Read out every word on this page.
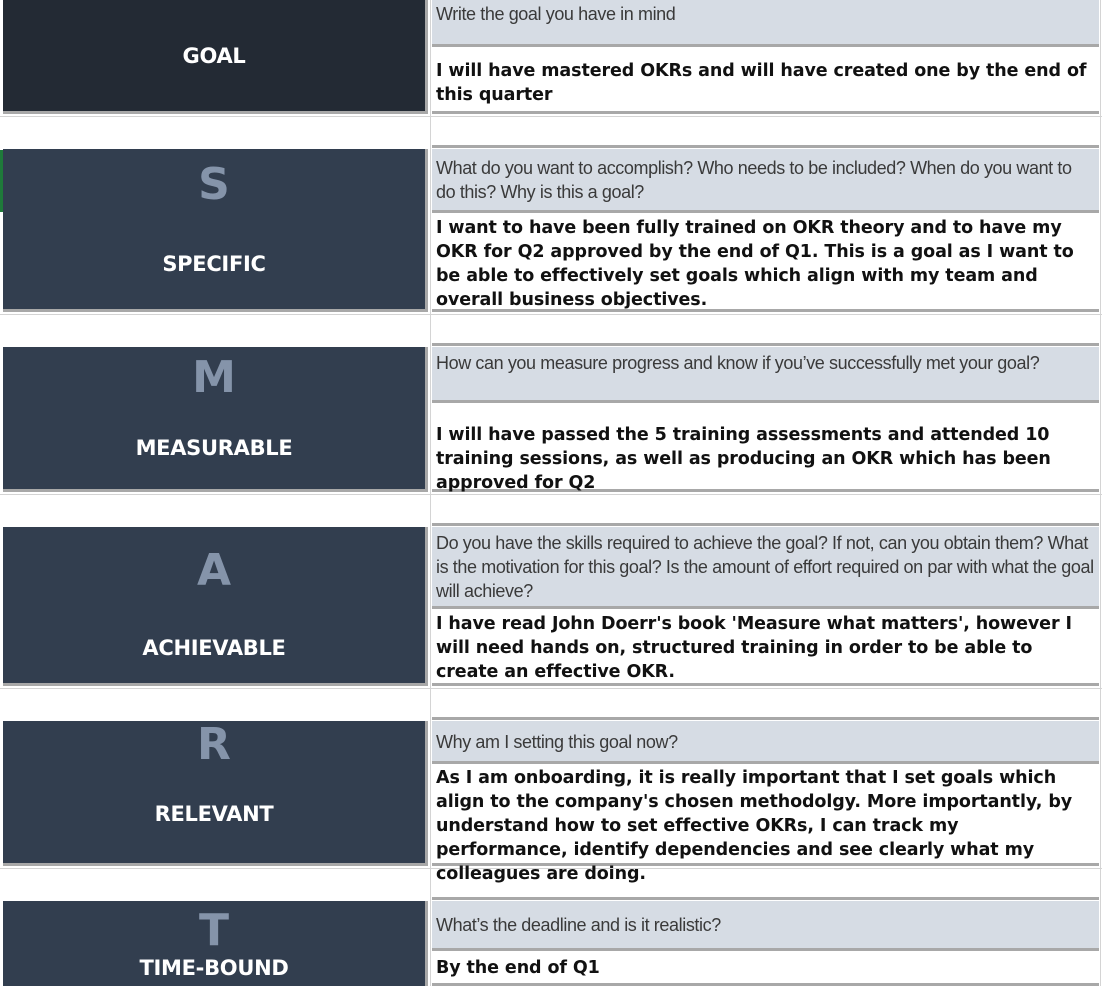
GOAL
Write the goal you have in mind
I will have mastered OKRs and will have created one by the end of this quarter
S
SPECIFIC
What do you want to accomplish? Who needs to be included? When do you want to do this? Why is this a goal?
I want to have been fully trained on OKR theory and to have my OKR for Q2 approved by the end of Q1. This is a goal as I want to be able to effectively set goals which align with my team and overall business objectives.
M
MEASURABLE
How can you measure progress and know if you’ve successfully met your goal?
I will have passed the 5 training assessments and attended 10 training sessions, as well as producing an OKR which has been approved for Q2
A
ACHIEVABLE
Do you have the skills required to achieve the goal? If not, can you obtain them? What is the motivation for this goal? Is the amount of effort required on par with what the goal will achieve?
I have read John Doerr's book 'Measure what matters', however I will need hands on, structured training in order to be able to create an effective OKR.
R
RELEVANT
Why am I setting this goal now?
As I am onboarding, it is really important that I set goals which align to the company's chosen methodolgy. More importantly, by understand how to set effective OKRs, I can track my performance, identify dependencies and see clearly what my colleagues are doing.
T
TIME-BOUND
What’s the deadline and is it realistic?
By the end of Q1
